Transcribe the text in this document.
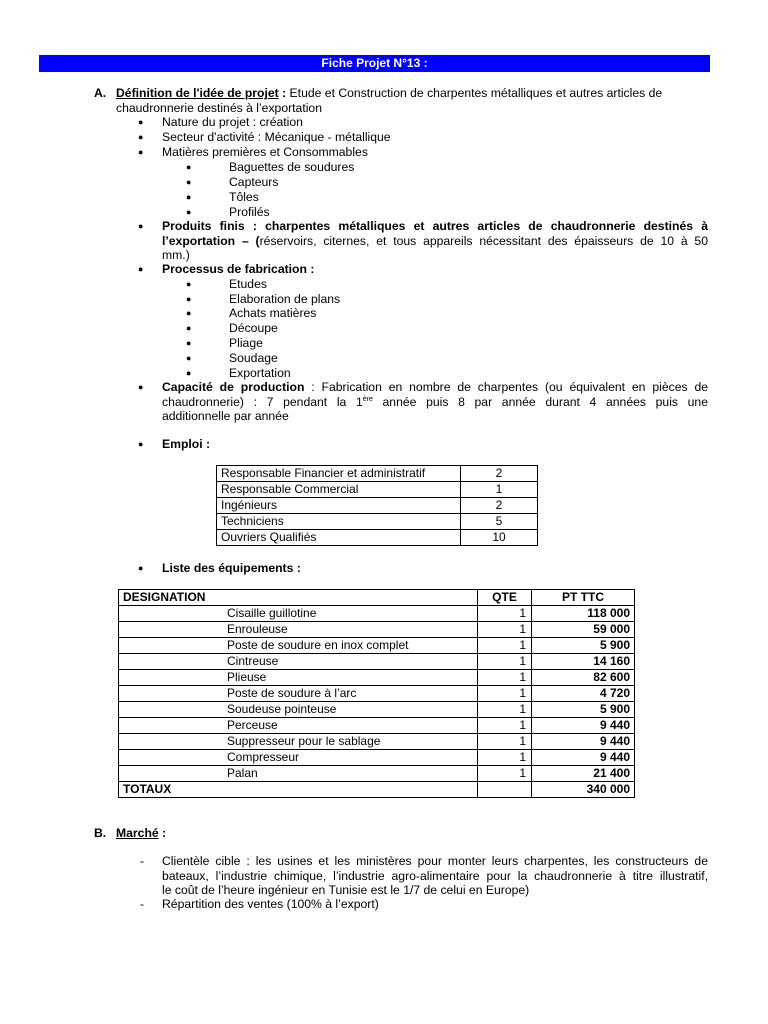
Fiche Projet N°13 :
A. Définition de l'idée de projet : Etude et Construction de charpentes métalliques et autres articles de
chaudronnerie destinés à l’exportation
● Nature du projet : création
● Secteur d'activité : Mécanique - métallique
● Matières premières et Consommables
●	Baguettes de soudures
●	Capteurs
●	Tôles
●	Profilés
● Produits finis : charpentes métalliques et autres articles de chaudronnerie destinés à
l’exportation – (réservoirs, citernes, et tous appareils nécessitant des épaisseurs de 10 à 50
mm.)
● Processus de fabrication :
●	Etudes
●	Elaboration de plans
●	Achats matières
●	Découpe
●	Pliage
●	Soudage
●	Exportation
● Capacité de production : Fabrication en nombre de charpentes (ou équivalent en pièces de
chaudronnerie) : 7 pendant la 1ère année puis 8 par année durant 4 années puis une
additionnelle par année
● Emploi :
Responsable Financier et administratif	2
Responsable Commercial	1
Ingénieurs	2
Techniciens	5
Ouvriers Qualifiés	10
● Liste des équipements :
DESIGNATION	QTE	PT TTC
Cisaille guillotine	1	118 000
Enrouleuse	1	59 000
Poste de soudure en inox complet	1	5 900
Cintreuse	1	14 160
Plieuse	1	82 600
Poste de soudure à l’arc	1	4 720
Soudeuse pointeuse	1	5 900
Perceuse	1	9 440
Suppresseur pour le sablage	1	9 440
Compresseur	1	9 440
Palan	1	21 400
TOTAUX		340 000
B. Marché :
- Clientèle cible : les usines et les ministères pour monter leurs charpentes, les constructeurs de
bateaux, l’industrie chimique, l’industrie agro-alimentaire pour la chaudronnerie à titre illustratif,
le coût de l’heure ingénieur en Tunisie est le 1/7 de celui en Europe)
- Répartition des ventes (100% à l’export)
